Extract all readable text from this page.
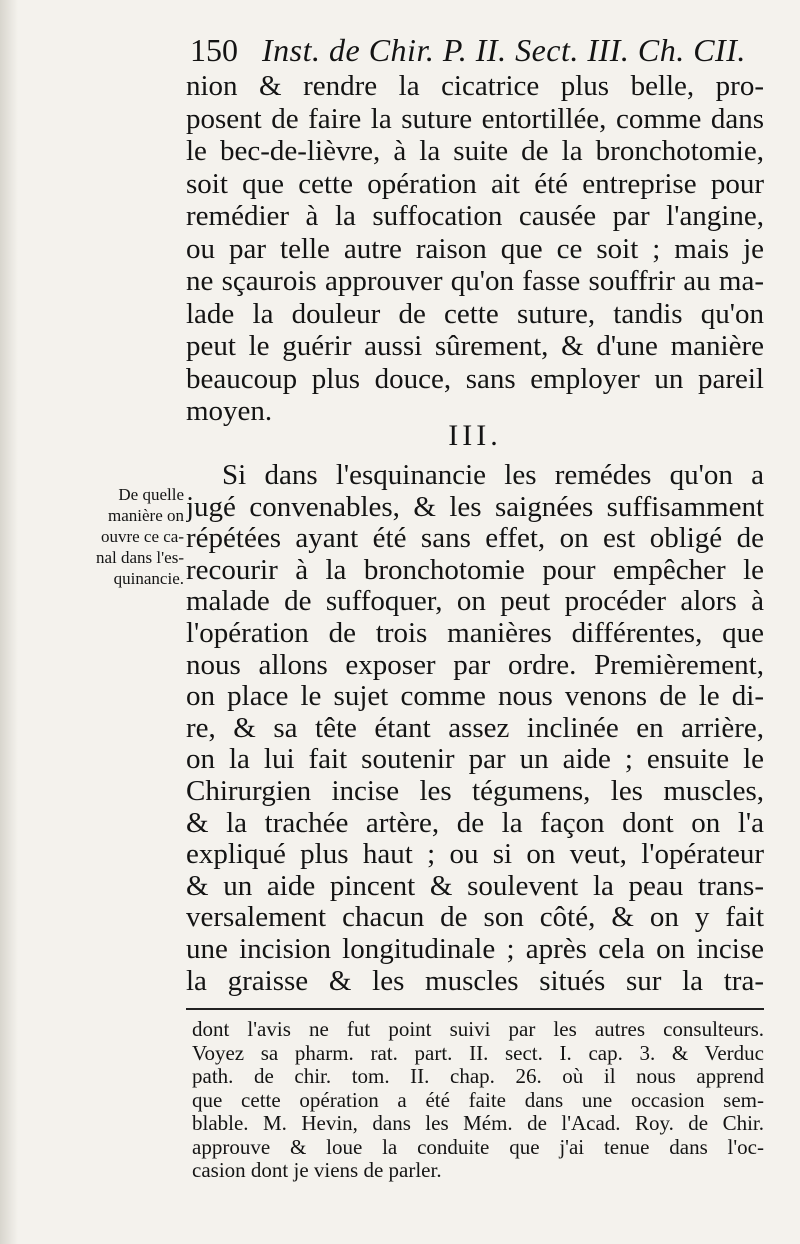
150 Inst. de Chir. P. II. Sect. III. Ch. CII.
nion & rendre la cicatrice plus belle, pro-
posent de faire la suture entortillée, comme dans
le bec-de-lièvre, à la suite de la bronchotomie,
soit que cette opération ait été entreprise pour
remédier à la suffocation causée par l'angine,
ou par telle autre raison que ce soit ; mais je
ne sçaurois approuver qu'on fasse souffrir au ma-
lade la douleur de cette suture, tandis qu'on
peut le guérir aussi sûrement, & d'une manière
beaucoup plus douce, sans employer un pareil
moyen.
III.
De quelle
manière on
ouvre ce ca-
nal dans l'es-
quinancie.
Si dans l'esquinancie les remédes qu'on a
jugé convenables, & les saignées suffisamment
répétées ayant été sans effet, on est obligé de
recourir à la bronchotomie pour empêcher le
malade de suffoquer, on peut procéder alors à
l'opération de trois manières différentes, que
nous allons exposer par ordre. Premièrement,
on place le sujet comme nous venons de le di-
re, & sa tête étant assez inclinée en arrière,
on la lui fait soutenir par un aide ; ensuite le
Chirurgien incise les tégumens, les muscles,
& la trachée artère, de la façon dont on l'a
expliqué plus haut ; ou si on veut, l'opérateur
& un aide pincent & soulevent la peau trans-
versalement chacun de son côté, & on y fait
une incision longitudinale ; après cela on incise
la graisse & les muscles situés sur la tra-
dont l'avis ne fut point suivi par les autres consulteurs.
Voyez sa pharm. rat. part. II. sect. I. cap. 3. & Verduc
path. de chir. tom. II. chap. 26. où il nous apprend
que cette opération a été faite dans une occasion sem-
blable. M. Hevin, dans les Mém. de l'Acad. Roy. de Chir.
approuve & loue la conduite que j'ai tenue dans l'oc-
casion dont je viens de parler.
